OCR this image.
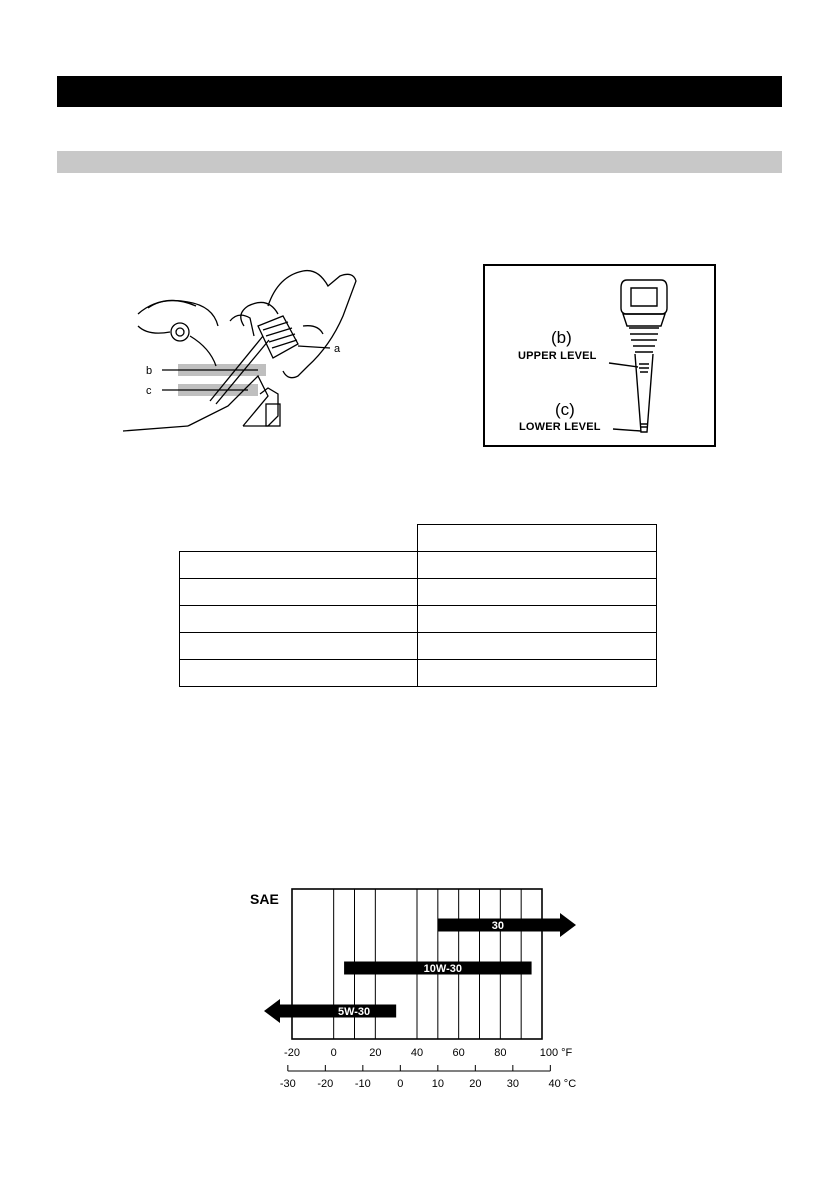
a
b
c
(b)
UPPER LEVEL
(c)
LOWER LEVEL

SAE
30
10W-30
5W-30
-20	0	20	40	60	80	100 °F
-30 -20 -10 0	10 20 30	40 °C
